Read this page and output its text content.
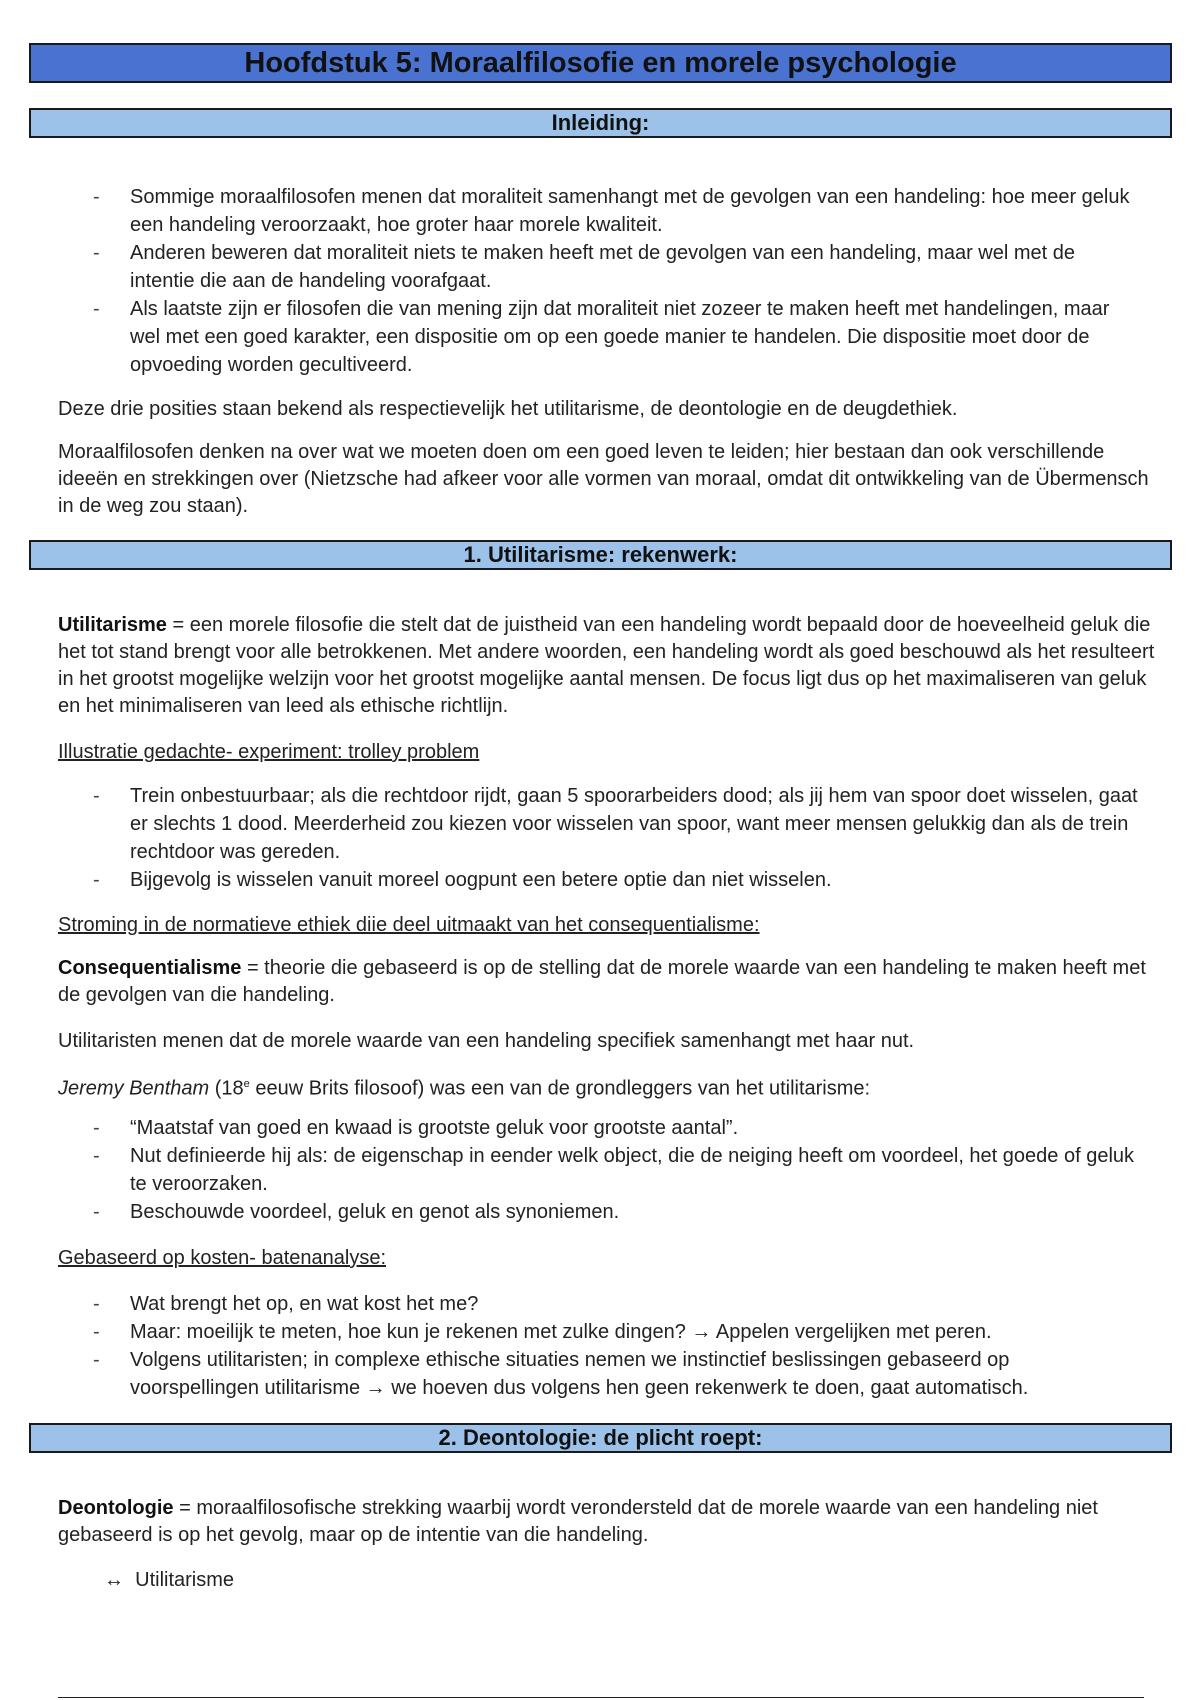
Hoofdstuk 5: Moraalfilosofie en morele psychologie
Inleiding:
- Sommige moraalfilosofen menen dat moraliteit samenhangt met de gevolgen van een handeling: hoe meer geluk een handeling veroorzaakt, hoe groter haar morele kwaliteit.
- Anderen beweren dat moraliteit niets te maken heeft met de gevolgen van een handeling, maar wel met de intentie die aan de handeling voorafgaat.
- Als laatste zijn er filosofen die van mening zijn dat moraliteit niet zozeer te maken heeft met handelingen, maar wel met een goed karakter, een dispositie om op een goede manier te handelen. Die dispositie moet door de opvoeding worden gecultiveerd.

Deze drie posities staan bekend als respectievelijk het utilitarisme, de deontologie en de deugdethiek.

Moraalfilosofen denken na over wat we moeten doen om een goed leven te leiden; hier bestaan dan ook verschillende ideeën en strekkingen over (Nietzsche had afkeer voor alle vormen van moraal, omdat dit ontwikkeling van de Übermensch in de weg zou staan).

1. Utilitarisme: rekenwerk:

Utilitarisme = een morele filosofie die stelt dat de juistheid van een handeling wordt bepaald door de hoeveelheid geluk die het tot stand brengt voor alle betrokkenen. Met andere woorden, een handeling wordt als goed beschouwd als het resulteert in het grootst mogelijke welzijn voor het grootst mogelijke aantal mensen. De focus ligt dus op het maximaliseren van geluk en het minimaliseren van leed als ethische richtlijn.

Illustratie gedachte- experiment: trolley problem

- Trein onbestuurbaar; als die rechtdoor rijdt, gaan 5 spoorarbeiders dood; als jij hem van spoor doet wisselen, gaat er slechts 1 dood. Meerderheid zou kiezen voor wisselen van spoor, want meer mensen gelukkig dan als de trein rechtdoor was gereden.
- Bijgevolg is wisselen vanuit moreel oogpunt een betere optie dan niet wisselen.

Stroming in de normatieve ethiek diie deel uitmaakt van het consequentialisme:

Consequentialisme = theorie die gebaseerd is op de stelling dat de morele waarde van een handeling te maken heeft met de gevolgen van die handeling.

Utilitaristen menen dat de morele waarde van een handeling specifiek samenhangt met haar nut.

Jeremy Bentham (18e eeuw Brits filosoof) was een van de grondleggers van het utilitarisme:

- “Maatstaf van goed en kwaad is grootste geluk voor grootste aantal”.
- Nut definieerde hij als: de eigenschap in eender welk object, die de neiging heeft om voordeel, het goede of geluk te veroorzaken.
- Beschouwde voordeel, geluk en genot als synoniemen.

Gebaseerd op kosten- batenanalyse:

- Wat brengt het op, en wat kost het me?
- Maar: moeilijk te meten, hoe kun je rekenen met zulke dingen? → Appelen vergelijken met peren.
- Volgens utilitaristen; in complexe ethische situaties nemen we instinctief beslissingen gebaseerd op voorspellingen utilitarisme → we hoeven dus volgens hen geen rekenwerk te doen, gaat automatisch.
2. Deontologie: de plicht roept:

Deontologie = moraalfilosofische strekking waarbij wordt verondersteld dat de morele waarde van een handeling niet gebaseerd is op het gevolg, maar op de intentie van die handeling.

↔ Utilitarisme
